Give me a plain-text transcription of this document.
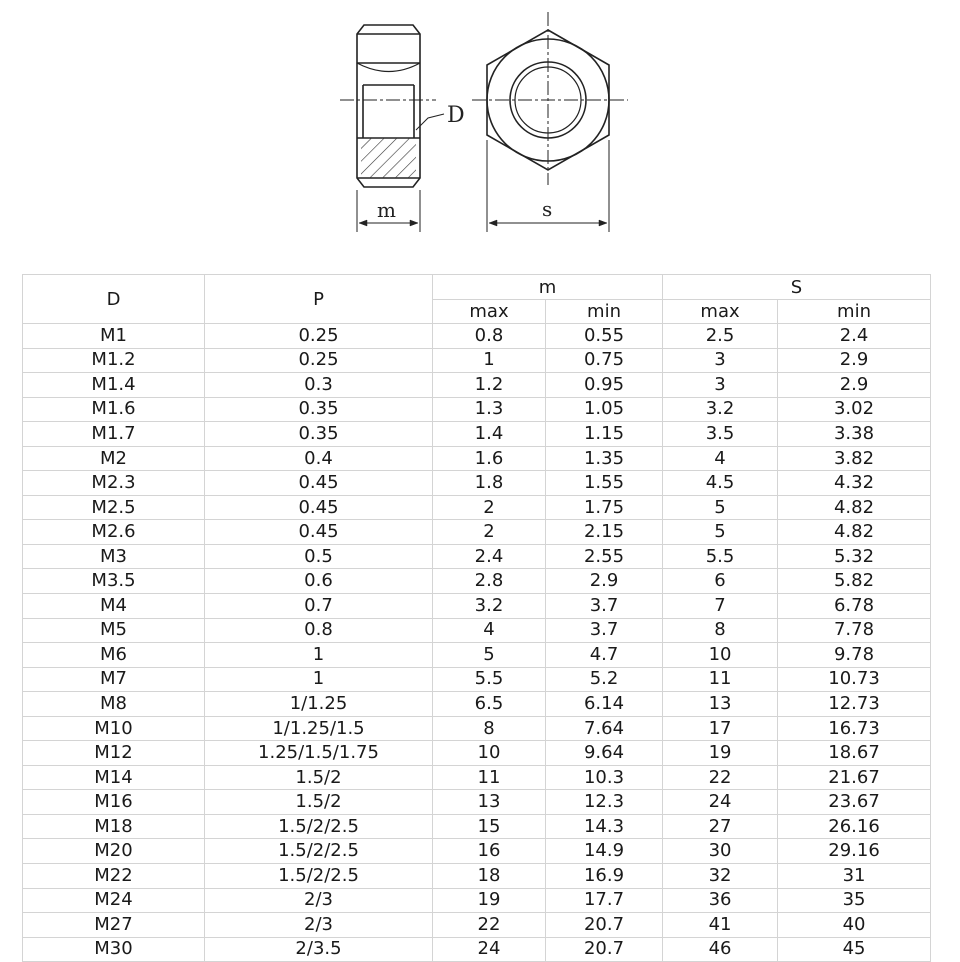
D
m	s
D	P	m		S	
		max	min	max	min
M1	0.25	0.8	0.55	2.5	2.4
M1.2	0.25	1	0.75	3	2.9
M1.4	0.3	1.2	0.95	3	2.9
M1.6	0.35	1.3	1.05	3.2	3.02
M1.7	0.35	1.4	1.15	3.5	3.38
M2	0.4	1.6	1.35	4	3.82
M2.3	0.45	1.8	1.55	4.5	4.32
M2.5	0.45	2	1.75	5	4.82
M2.6	0.45	2	2.15	5	4.82
M3	0.5	2.4	2.55	5.5	5.32
M3.5	0.6	2.8	2.9	6	5.82
M4	0.7	3.2	3.7	7	6.78
M5	0.8	4	3.7	8	7.78
M6	1	5	4.7	10	9.78
M7	1	5.5	5.2	11	10.73
M8	1/1.25	6.5	6.14	13	12.73
M10	1/1.25/1.5	8	7.64	17	16.73
M12	1.25/1.5/1.75	10	9.64	19	18.67
M14	1.5/2	11	10.3	22	21.67
M16	1.5/2	13	12.3	24	23.67
M18	1.5/2/2.5	15	14.3	27	26.16
M20	1.5/2/2.5	16	14.9	30	29.16
M22	1.5/2/2.5	18	16.9	32	31
M24	2/3	19	17.7	36	35
M27	2/3	22	20.7	41	40
M30	2/3.5	24	20.7	46	45
